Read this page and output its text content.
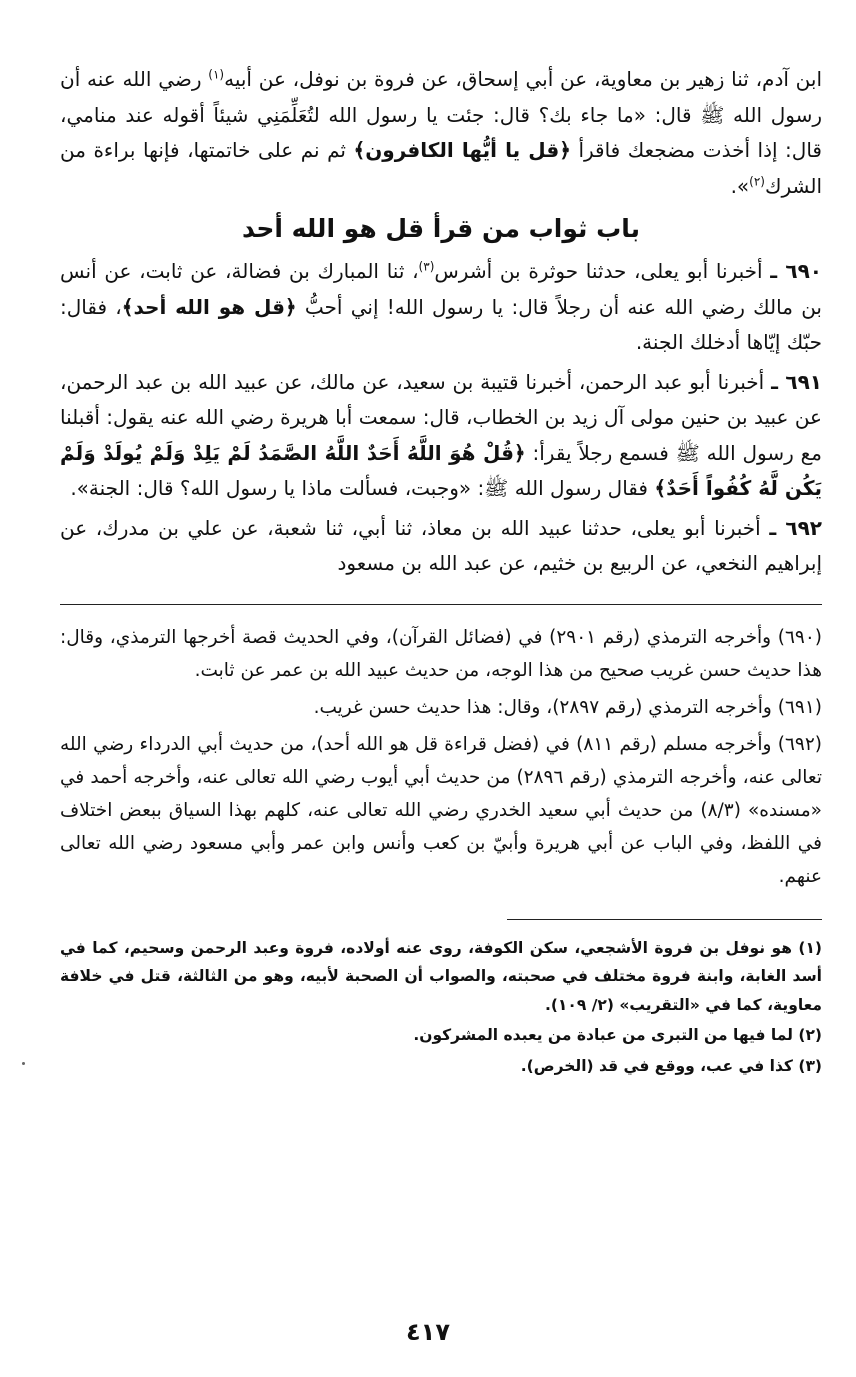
ابن آدم، ثنا زهير بن معاوية، عن أبي إسحاق، عن فروة بن نوفل، عن أبيه$^{(١)}$ رضي الله عنه أن رسول الله ﷺ قال: «ما جاء بك؟ قال: جئت يا رسول الله لتُعَلِّمَنِي شيئاً أقوله عند منامي، قال: إذا أخذت مضجعك فاقرأ ﴿قل يا أيُّها الكافرون﴾ ثم نم على خاتمتها، فإنها براءة من الشرك$^{(٢)}$».

باب ثواب من قرأ قل هو الله أحد

٦٩٠ ـ أخبرنا أبو يعلى، حدثنا حوثرة بن أشرس$^{(٣)}$، ثنا المبارك بن فضالة، عن ثابت، عن أنس بن مالك رضي الله عنه أن رجلاً قال: يا رسول الله! إني أحبُّ ﴿قل هو الله أحد﴾، فقال: حبّك إيّاها أدخلك الجنة.

٦٩١ ـ أخبرنا أبو عبد الرحمن، أخبرنا قتيبة بن سعيد، عن مالك، عن عبيد الله بن عبد الرحمن، عن عبيد بن حنين مولى آل زيد بن الخطاب، قال: سمعت أبا هريرة رضي الله عنه يقول: أقبلنا مع رسول الله ﷺ فسمع رجلاً يقرأ: ﴿قُلْ هُوَ اللَّهُ أَحَدٌ اللَّهُ الصَّمَدُ لَمْ يَلِدْ وَلَمْ يُولَدْ وَلَمْ يَكُن لَّهُ كُفُواً أَحَدٌ﴾ فقال رسول الله ﷺ: «وجبت، فسألت ماذا يا رسول الله؟ قال: الجنة».

٦٩٢ ـ أخبرنا أبو يعلى، حدثنا عبيد الله بن معاذ، ثنا أبي، ثنا شعبة، عن علي بن مدرك، عن إبراهيم النخعي، عن الربيع بن خثيم، عن عبد الله بن مسعود

(٦٩٠) وأخرجه الترمذي (رقم ٢٩٠١) في (فضائل القرآن)، وفي الحديث قصة أخرجها الترمذي، وقال: هذا حديث حسن غريب صحيح من هذا الوجه، من حديث عبيد الله بن عمر عن ثابت.

(٦٩١) وأخرجه الترمذي (رقم ٢٨٩٧)، وقال: هذا حديث حسن غريب.

(٦٩٢) وأخرجه مسلم (رقم ٨١١) في (فضل قراءة قل هو الله أحد)، من حديث أبي الدرداء رضي الله تعالى عنه، وأخرجه الترمذي (رقم ٢٨٩٦) من حديث أبي أيوب رضي الله تعالى عنه، وأخرجه أحمد في «مسنده» (٨/٣) من حديث أبي سعيد الخدري رضي الله تعالى عنه، كلهم بهذا السياق ببعض اختلاف في اللفظ، وفي الباب عن أبي هريرة وأبيّ بن كعب وأنس وابن عمر وأبي مسعود رضي الله تعالى عنهم.

(١) هو نوفل بن فروة الأشجعي، سكن الكوفة، روى عنه أولاده، فروة وعبد الرحمن وسحيم، كما في أسد الغابة، وابنة فروة مختلف في صحبته، والصواب أن الصحبة لأبيه، وهو من الثالثة، قتل في خلافة معاوية، كما في «التقريب» (٢/ ١٠٩).

(٢) لما فيها من التبرى من عبادة من يعبده المشركون.

(٣) كذا في عب، ووقع في قد (الخرص).

٤١٧
